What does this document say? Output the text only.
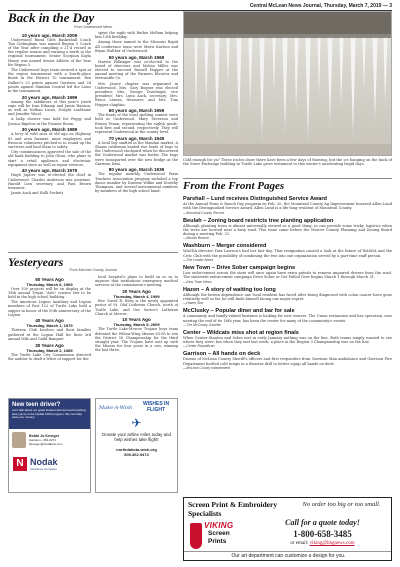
Central McLean News Journal, Thursday, March 7, 2019 — 3
Back in the Day
From Underwood News
10 years ago, March 2009
Underwood Rural Girls Basketball Coach Tim Cottingham was named Region 5 Coach of the Year after compiling a 21-4 record in the regular season and earning a berth in the regional tournament. Senior Scorpion Kayla Henry was named Senior Athlete of the Year for Region 5.
The Underwood boys team secured a spot at the region tournament with a fourth-place finish in the District 10 tournament. Rex Dalbec's 25 points against Garrison and 24 points against Mandan Central led the Lions in the tournament.
20 years ago, March 1999
Among the exhibitors at this year's youth expo will be Ivan Erkamp and Jamie Hanson, as well as Nathan Lucas, Dwight LeaMaine and Jennifer Wood.
A baby shower was held for Peggy and Jessica Bigelow at the Pioneer Room.
30 years ago, March 1989
A bevy of wild ones of old ago on Highway 83 and area farmers, mine employees and Broncos volunteers pitched in to round up the survivors and haul them to safety.
City commissioners approved the sale of the old bank building to John Olson, who plans to start a retail appliance and electronic equipment store as well as repair services.
40 years ago, March 1979
Hugh Jupiter was re-elected the chief in Underwood. Charles Anderson was assistant. Harold Lien secretary, and Paul Brown treasurer.
Jamie Auck and Holli Puckett
spent the night with Ruthie Mellum helping him 13th birthday.
Among those named to the Missouri Rapid All conference team were Mavis Karlson and Bryan Walther of Underwood.
50 years ago, March 1969
Marvin Falkinger was re-elected to the board of directors and Melvin Miller was elected to succeed Russell Hopper at the annual meeting of the Farmers Elevator and Mercantile Co.
Mrs. Janice chapter was organized in Underwood. Mrs. Gary Bogner was elected president; Mrs. George Doeslinger, vice president; Mrs. Lynn Auck, secretary; Mrs. Bruce Larson, treasurer; and Mrs. Tom Hopper chaplain.
60 years ago, March 1959
The finals of the local spelling contest were held in Underwood. Mary Severson and Ermen Tenan, representing the eighth grade, took first and second, respectively. They will represent Underwood at the county level.
70 years ago, March 1949
A local boy snafted in the Mandan market. A Sharm cattleman hauled two loads of hogs to the Underwood stockyard when he discovered the Underwood market was better. The hogs were transported over the new bridge at the Garrison Dam.
80 years ago, March 1939
The regular monthly Underwood Farm Truckers Association program included a top dance number by Darlene Wilkie and Dorothy Thompson, and several instrumental numbers by members of the high school band.
Cold enough for ya? These icicles show there have been a few days of thawing, but the ice hanging on the back of the Stave Exchange building in Turtle Lake gives testament to this winter's unrelenting frigid days.
From the Front Pages
Parshall – Lund receives Distinguished Service Award
At the Annual Farm & Ranch Day program on Feb. 20, the Mountrail County Ag Improvement honored Allen Lund with the Distinguished Service Award. Allen Lund is a life-long resident of Mountrail County.
—Mountrail County Record
Beulah – Zoning board restricts tree planting application
Although planting trees is almost universally viewed as a good thing, in can provide some tricky logistics when the trees are located near a busy road. This issue came before the Mercer County Planning and Zoning Board during a meeting Feb. 21.
—Beulah Beacon
Washburn – Merger considered
WASDA director Tara Lawson's had her last day. That resignation caused a look at the future of WASDA and the Civic Club with the possibility of combining the two into one organization served by a part-time staff person.
—The Leader-News
New Town – Drive Sober campaign begins
Law enforcement across the state will once again have extra patrols to remove impaired drivers from the road. The statewide enforcement campaign Drive Sober or Get Pulled Over begins March 1 through March 31.
—New Town News
Hazen – A story of waiting too long
Although the heroin dependence one local resident has faced after being diagnosed with colon cancer have gone relatively well so far, he still finds himself facing one major regret.
—Hazen Star
McClusky – Popular diner and bar for sale
A community and family-valued business is looking for new owners. The Union restaurant and bar operation, now nearing the end of its 16th year, has been the center for many of the community's events.
—The McClusky Gazette
Center – Wildcats miss shot at region finals
When Center-Stanton and Solen met in early January nothing was on the line. Both teams simply wanted to see where they were, but when they met last week, a place in the Region 3 Championship was on the line.
—Center Republican
Garrison – All hands on deck
Dozens of McLean County Sheriff's officers and first responders from Garrison Man ambulance and Garrison Fire Department battled cold temps in a disaster drill to better equip all hands on deck.
—McLean County Independent
Yesteryears
From McLean County Journal
50 Years Ago
Thursday, March 6, 1969
Over 100 projects will be on display at the 18th annual Trojan "Arts" science fair to be held in the high school building.
The American Legion Auxiliary and Legion members of Post 122 of Turtle Lake held a supper in honor of the 50th anniversary of the Legion.
40 Years Ago
Thursday, March 1, 1979
Thirteen Club bowlers and their families gathered at the Legion Hall for their 3rd annual Mile and Guild Banquet.
30 Years Ago
Thursday, March 2, 1989
The Turtle Lake City Commission directed the auditor to draft a letter of support for the
local hospital's plans to build on so as to improve that institutions emergency medical services at the commission's meeting.
20 Years Ago
Thursday, March 4, 1999
Rev. David R. Berg is the newly appointed pastor of St. Olaf Lutheran Church, north of Turtle Lake, and Our Savior's Lutheran Church at Mercer.
10 Years Ago
Thursday, March 5, 2009
The Turtle Lake-Mercer Trojans boys team defeated the Wilton-Wing Miners 63-58 to win the District 16 Championship for the third straight year. The Trojans have met up with the Miners for four years in a row, winning the last three.
New teen driver?
Let's talk about our great student discount and anything else you're in the Nodak 1000 program. We can help save you money!
Bobbi Jo Krueger
Garrison • 463-2274
bkrueger@nodakins.com
N Nodak
Insurance Company
Make-A-Wish
WISHES IN FLIGHT
✈
Donate your airline miles today and help wishes take flight!
northdakota.wish.org
800.362.9474
Screen Print & Embroidery Specialists
VIKING
Screen
Prints
No order too big or too small.
Call for a quote today!
1-800-658-3485
or email: viking@bhgnews.com
Our art department can customize a design for you.
